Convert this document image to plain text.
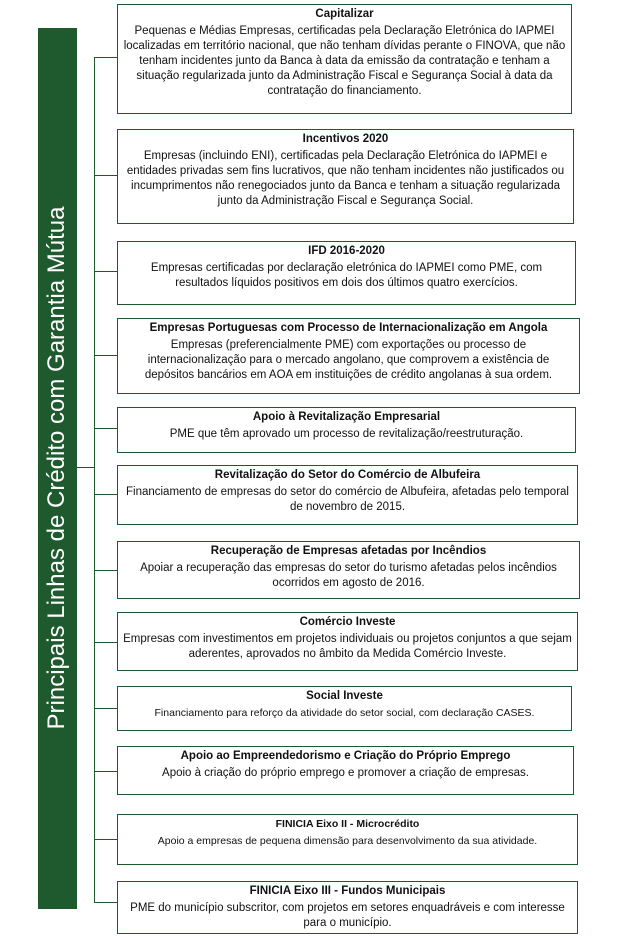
Principais Linhas de Crédito com Garantia Mútua
Capitalizar
Pequenas e Médias Empresas, certificadas pela Declaração Eletrónica do IAPMEI localizadas em território nacional, que não tenham dívidas perante o FINOVA, que não tenham incidentes junto da Banca à data da emissão da contratação e tenham a situação regularizada junto da Administração Fiscal e Segurança Social à data da contratação do financiamento.
Incentivos 2020
Empresas (incluindo ENI), certificadas pela Declaração Eletrónica do IAPMEI e entidades privadas sem fins lucrativos, que não tenham incidentes não justificados ou incumprimentos não renegociados junto da Banca e tenham a situação regularizada junto da Administração Fiscal e Segurança Social.
IFD 2016-2020
Empresas certificadas por declaração eletrónica do IAPMEI como PME, com resultados líquidos positivos em dois dos últimos quatro exercícios.
Empresas Portuguesas com Processo de Internacionalização em Angola
Empresas (preferencialmente PME) com exportações ou processo de internacionalização para o mercado angolano, que comprovem a existência de depósitos bancários em AOA em instituições de crédito angolanas à sua ordem.
Apoio à Revitalização Empresarial
PME que têm aprovado um processo de revitalização/reestruturação.
Revitalização do Setor do Comércio de Albufeira
Financiamento de empresas do setor do comércio de Albufeira, afetadas pelo temporal de novembro de 2015.
Recuperação de Empresas afetadas por Incêndios
Apoiar a recuperação das empresas do setor do turismo afetadas pelos incêndios ocorridos em agosto de 2016.
Comércio Investe
Empresas com investimentos em projetos individuais ou projetos conjuntos a que sejam aderentes, aprovados no âmbito da Medida Comércio Investe.
Social Investe
Financiamento para reforço da atividade do setor social, com declaração CASES.
Apoio ao Empreendedorismo e Criação do Próprio Emprego
Apoio à criação do próprio emprego e promover a criação de empresas.
FINICIA Eixo II - Microcrédito
Apoio a empresas de pequena dimensão para desenvolvimento da sua atividade.
FINICIA Eixo III - Fundos Municipais
PME do município subscritor, com projetos em setores enquadráveis e com interesse para o município.
